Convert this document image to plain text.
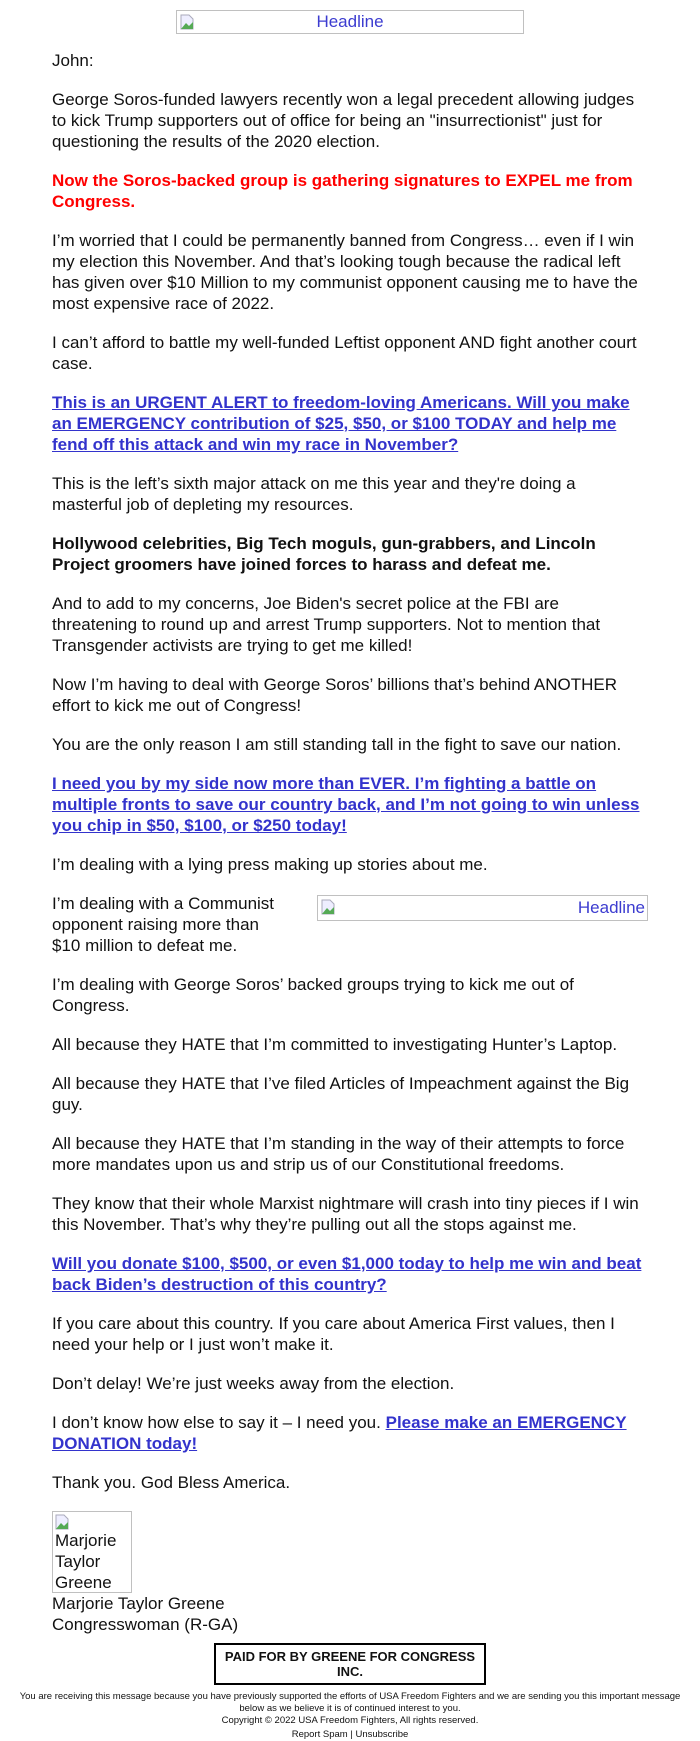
Headline

John:

George Soros-funded lawyers recently won a legal precedent allowing judges to kick Trump supporters out of office for being an "insurrectionist" just for questioning the results of the 2020 election.

Now the Soros-backed group is gathering signatures to EXPEL me from Congress.

I’m worried that I could be permanently banned from Congress… even if I win my election this November. And that’s looking tough because the radical left has given over $10 Million to my communist opponent causing me to have the most expensive race of 2022.

I can’t afford to battle my well-funded Leftist opponent AND fight another court case.

This is an URGENT ALERT to freedom-loving Americans. Will you make an EMERGENCY contribution of $25, $50, or $100 TODAY and help me fend off this attack and win my race in November?

This is the left’s sixth major attack on me this year and they're doing a masterful job of depleting my resources.

Hollywood celebrities, Big Tech moguls, gun-grabbers, and Lincoln Project groomers have joined forces to harass and defeat me.

And to add to my concerns, Joe Biden's secret police at the FBI are threatening to round up and arrest Trump supporters. Not to mention that Transgender activists are trying to get me killed!

Now I’m having to deal with George Soros’ billions that’s behind ANOTHER effort to kick me out of Congress!

You are the only reason I am still standing tall in the fight to save our nation.

I need you by my side now more than EVER. I’m fighting a battle on multiple fronts to save our country back, and I’m not going to win unless you chip in $50, $100, or $250 today!

I’m dealing with a lying press making up stories about me.

Headline

I’m dealing with a Communist opponent raising more than $10 million to defeat me.

I’m dealing with George Soros’ backed groups trying to kick me out of Congress.

All because they HATE that I’m committed to investigating Hunter’s Laptop.

All because they HATE that I’ve filed Articles of Impeachment against the Big guy.

All because they HATE that I’m standing in the way of their attempts to force more mandates upon us and strip us of our Constitutional freedoms.

They know that their whole Marxist nightmare will crash into tiny pieces if I win this November. That’s why they’re pulling out all the stops against me.

Will you donate $100, $500, or even $1,000 today to help me win and beat back Biden’s destruction of this country?

If you care about this country. If you care about America First values, then I need your help or I just won’t make it.

Don’t delay! We’re just weeks away from the election.

I don’t know how else to say it – I need you. Please make an EMERGENCY DONATION today!

Thank you. God Bless America.

Marjorie Taylor Greene

Marjorie Taylor Greene

Congresswoman (R-GA)

PAID FOR BY GREENE FOR CONGRESS INC.
You are receiving this message because you have previously supported the efforts of USA Freedom Fighters and we are sending you this important message below as we believe it is of continued interest to you.
Copyright © 2022 USA Freedom Fighters, All rights reserved.
Report Spam | Unsubscribe
